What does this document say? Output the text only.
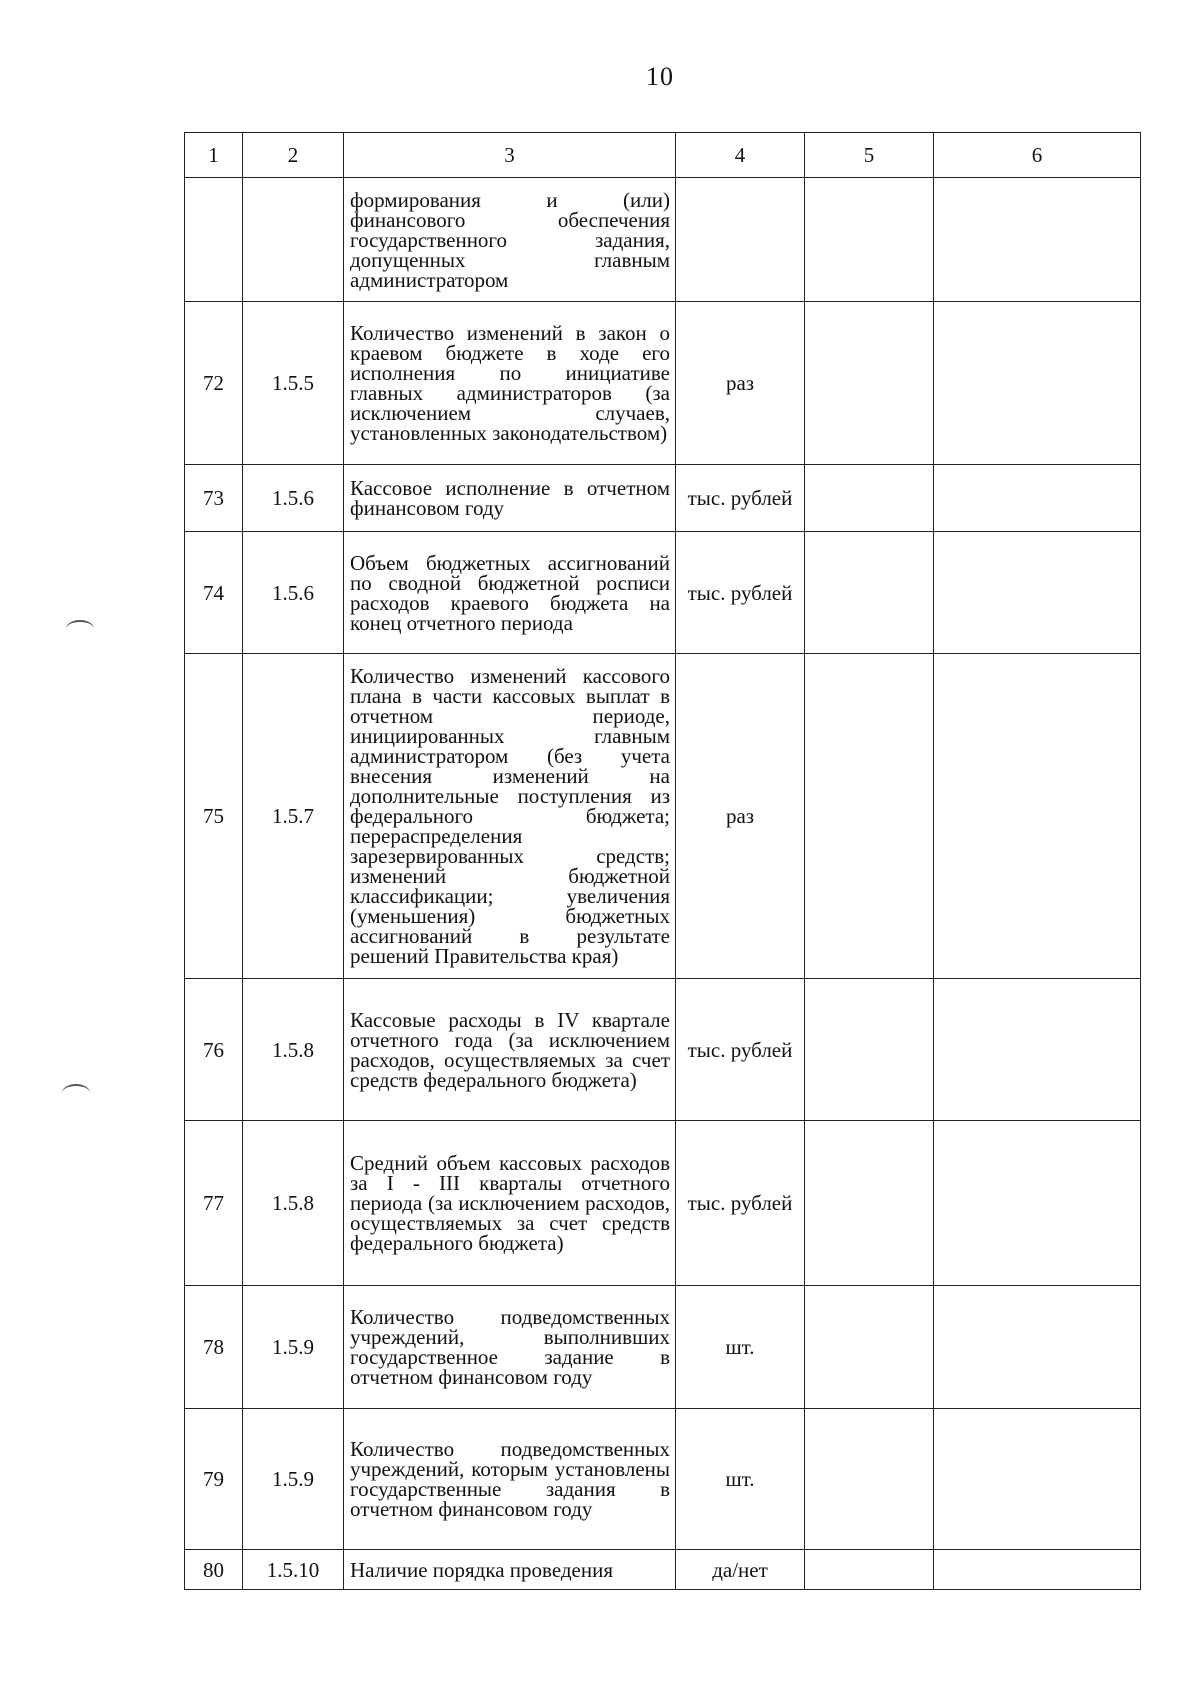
10
1	2	3	4	5	6
		формирования и (или) финансового обеспечения государственного задания, допущенных главным администратором			
72	1.5.5	Количество изменений в закон о краевом бюджете в ходе его исполнения по инициативе главных администраторов (за исключением случаев, установленных законодательством)	раз		
73	1.5.6	Кассовое исполнение в отчетном финансовом году	тыс. рублей		
74	1.5.6	Объем бюджетных ассигнований по сводной бюджетной росписи расходов краевого бюджета на конец отчетного периода	тыс. рублей		
75	1.5.7	Количество изменений кассового плана в части кассовых выплат в отчетном периоде, инициированных главным администратором (без учета внесения изменений на дополнительные поступления из федерального бюджета; перераспределения зарезервированных средств; изменений бюджетной классификации; увеличения (уменьшения) бюджетных ассигнований в результате решений Правительства края)	раз		
76	1.5.8	Кассовые расходы в IV квартале отчетного года (за исключением расходов, осуществляемых за счет средств федерального бюджета)	тыс. рублей		
77	1.5.8	Средний объем кассовых расходов за I - III кварталы отчетного периода (за исключением расходов, осуществляемых за счет средств федерального бюджета)	тыс. рублей		
78	1.5.9	Количество подведомственных учреждений, выполнивших государственное задание в отчетном финансовом году	шт.		
79	1.5.9	Количество подведомственных учреждений, которым установлены государственные задания в отчетном финансовом году	шт.		
80	1.5.10	Наличие порядка проведения	да/нет		
